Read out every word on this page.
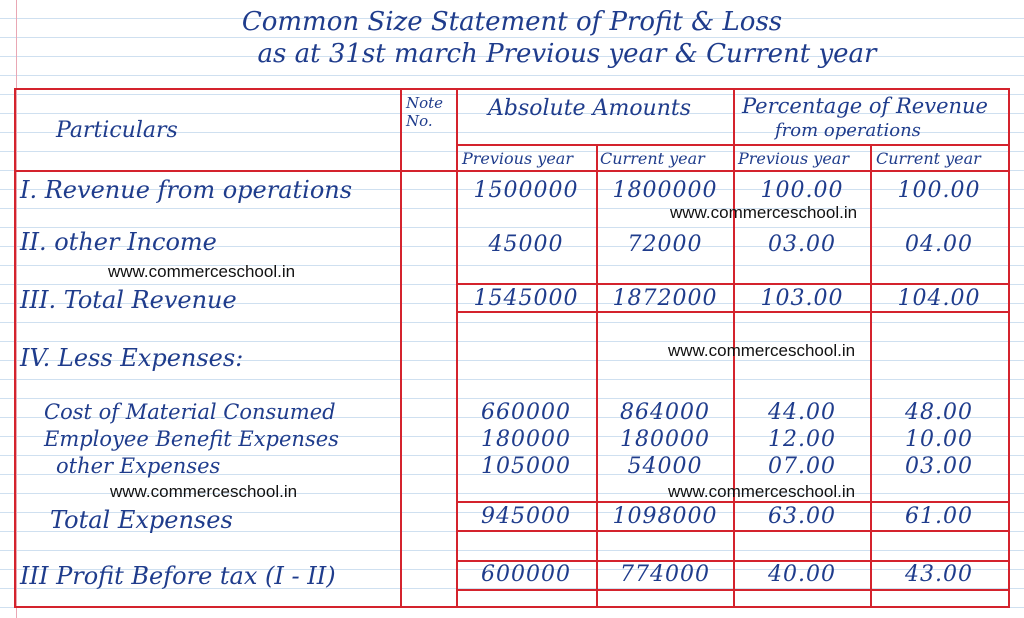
Common Size Statement of Profit & Loss
as at 31st march Previous year & Current year
Particulars
Note No.	Absolute Amounts Percentage of Revenue
from operations
Previous year Current year Previous year Current year
I. Revenue from operations	1500000	1800000	100.00	100.00
II. other Income	45000	72000	03.00	04.00
III. Total Revenue	1545000	1872000	103.00	104.00
IV. Less Expenses:
Cost of Material Consumed	660000	864000	44.00	48.00
Employee Benefit Expenses	180000	180000	12.00	10.00
other Expenses	105000	54000	07.00	03.00
Total Expenses	945000	1098000	63.00	61.00
III Profit Before tax (I - II)	600000	774000	40.00	43.00
www.commerceschool.in
www.commerceschool.in
www.commerceschool.in
www.commerceschool.in	www.commerceschool.in
